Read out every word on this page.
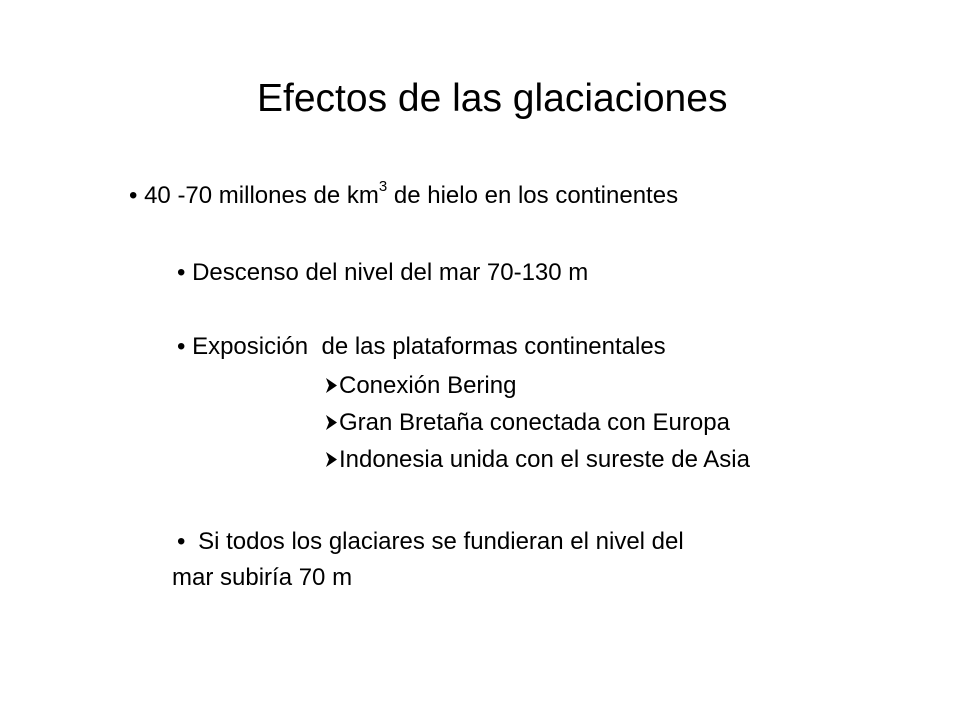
Efectos de las glaciaciones
• 40 -70 millones de $km^3$ de hielo en los continentes
• Descenso del nivel del mar 70-130 m
• Exposición  de las plataformas continentales
Conexión Bering
Gran Bretaña conectada con Europa
Indonesia unida con el sureste de Asia
• Si todos los glaciares se fundieran el nivel del
mar subiría 70 m
